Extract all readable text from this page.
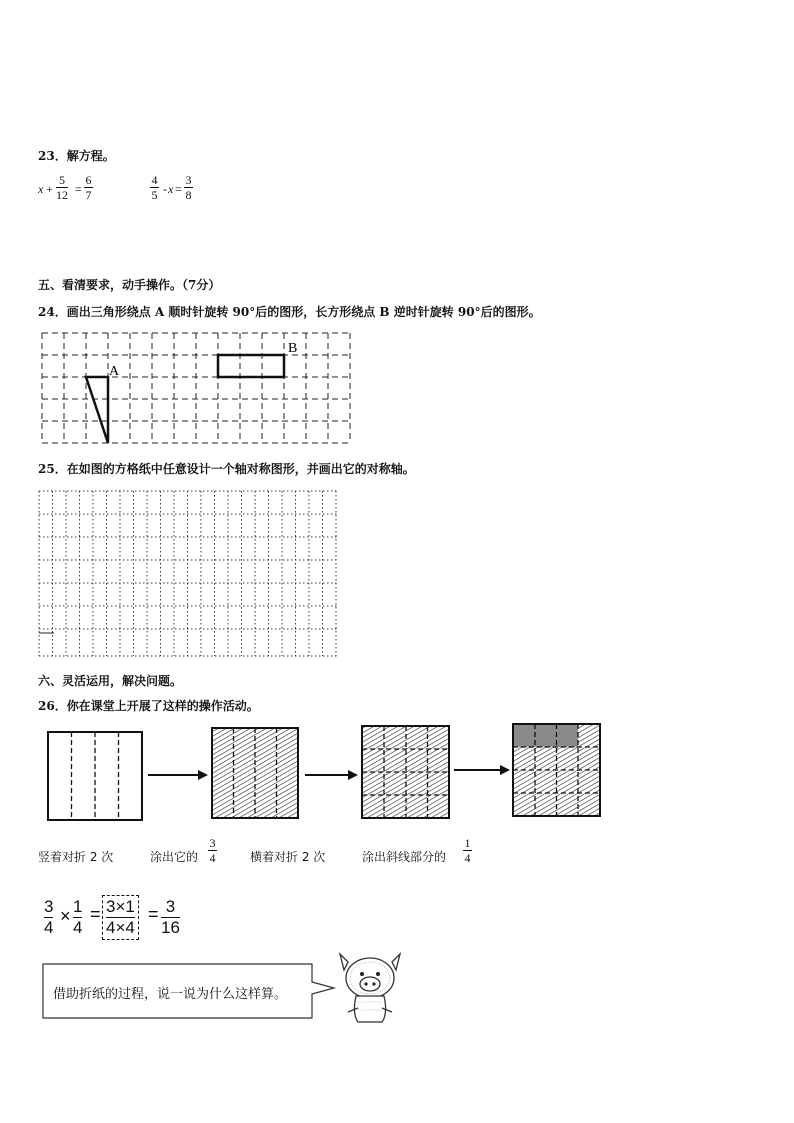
23．解方程。
x +
5
12 =
6
7
4
5 - x =
3
8
五、看清要求，动手操作。（7分）
24．画出三角形绕点 A 顺时针旋转 90°后的图形，长方形绕点 B 逆时针旋转 90°后的图形。
A
B
25．在如图的方格纸中任意设计一个轴对称图形，并画出它的对称轴。
六、灵活运用，解决问题。
26．你在课堂上开展了这样的操作活动。
竖着对折 2 次	涂出它的
3
4	横着对折 2 次	涂出斜线部分的
1
4
3
4
× 1
4
= 3×1
4×4
= 3
16
借助折纸的过程，说一说为什么这样算。
